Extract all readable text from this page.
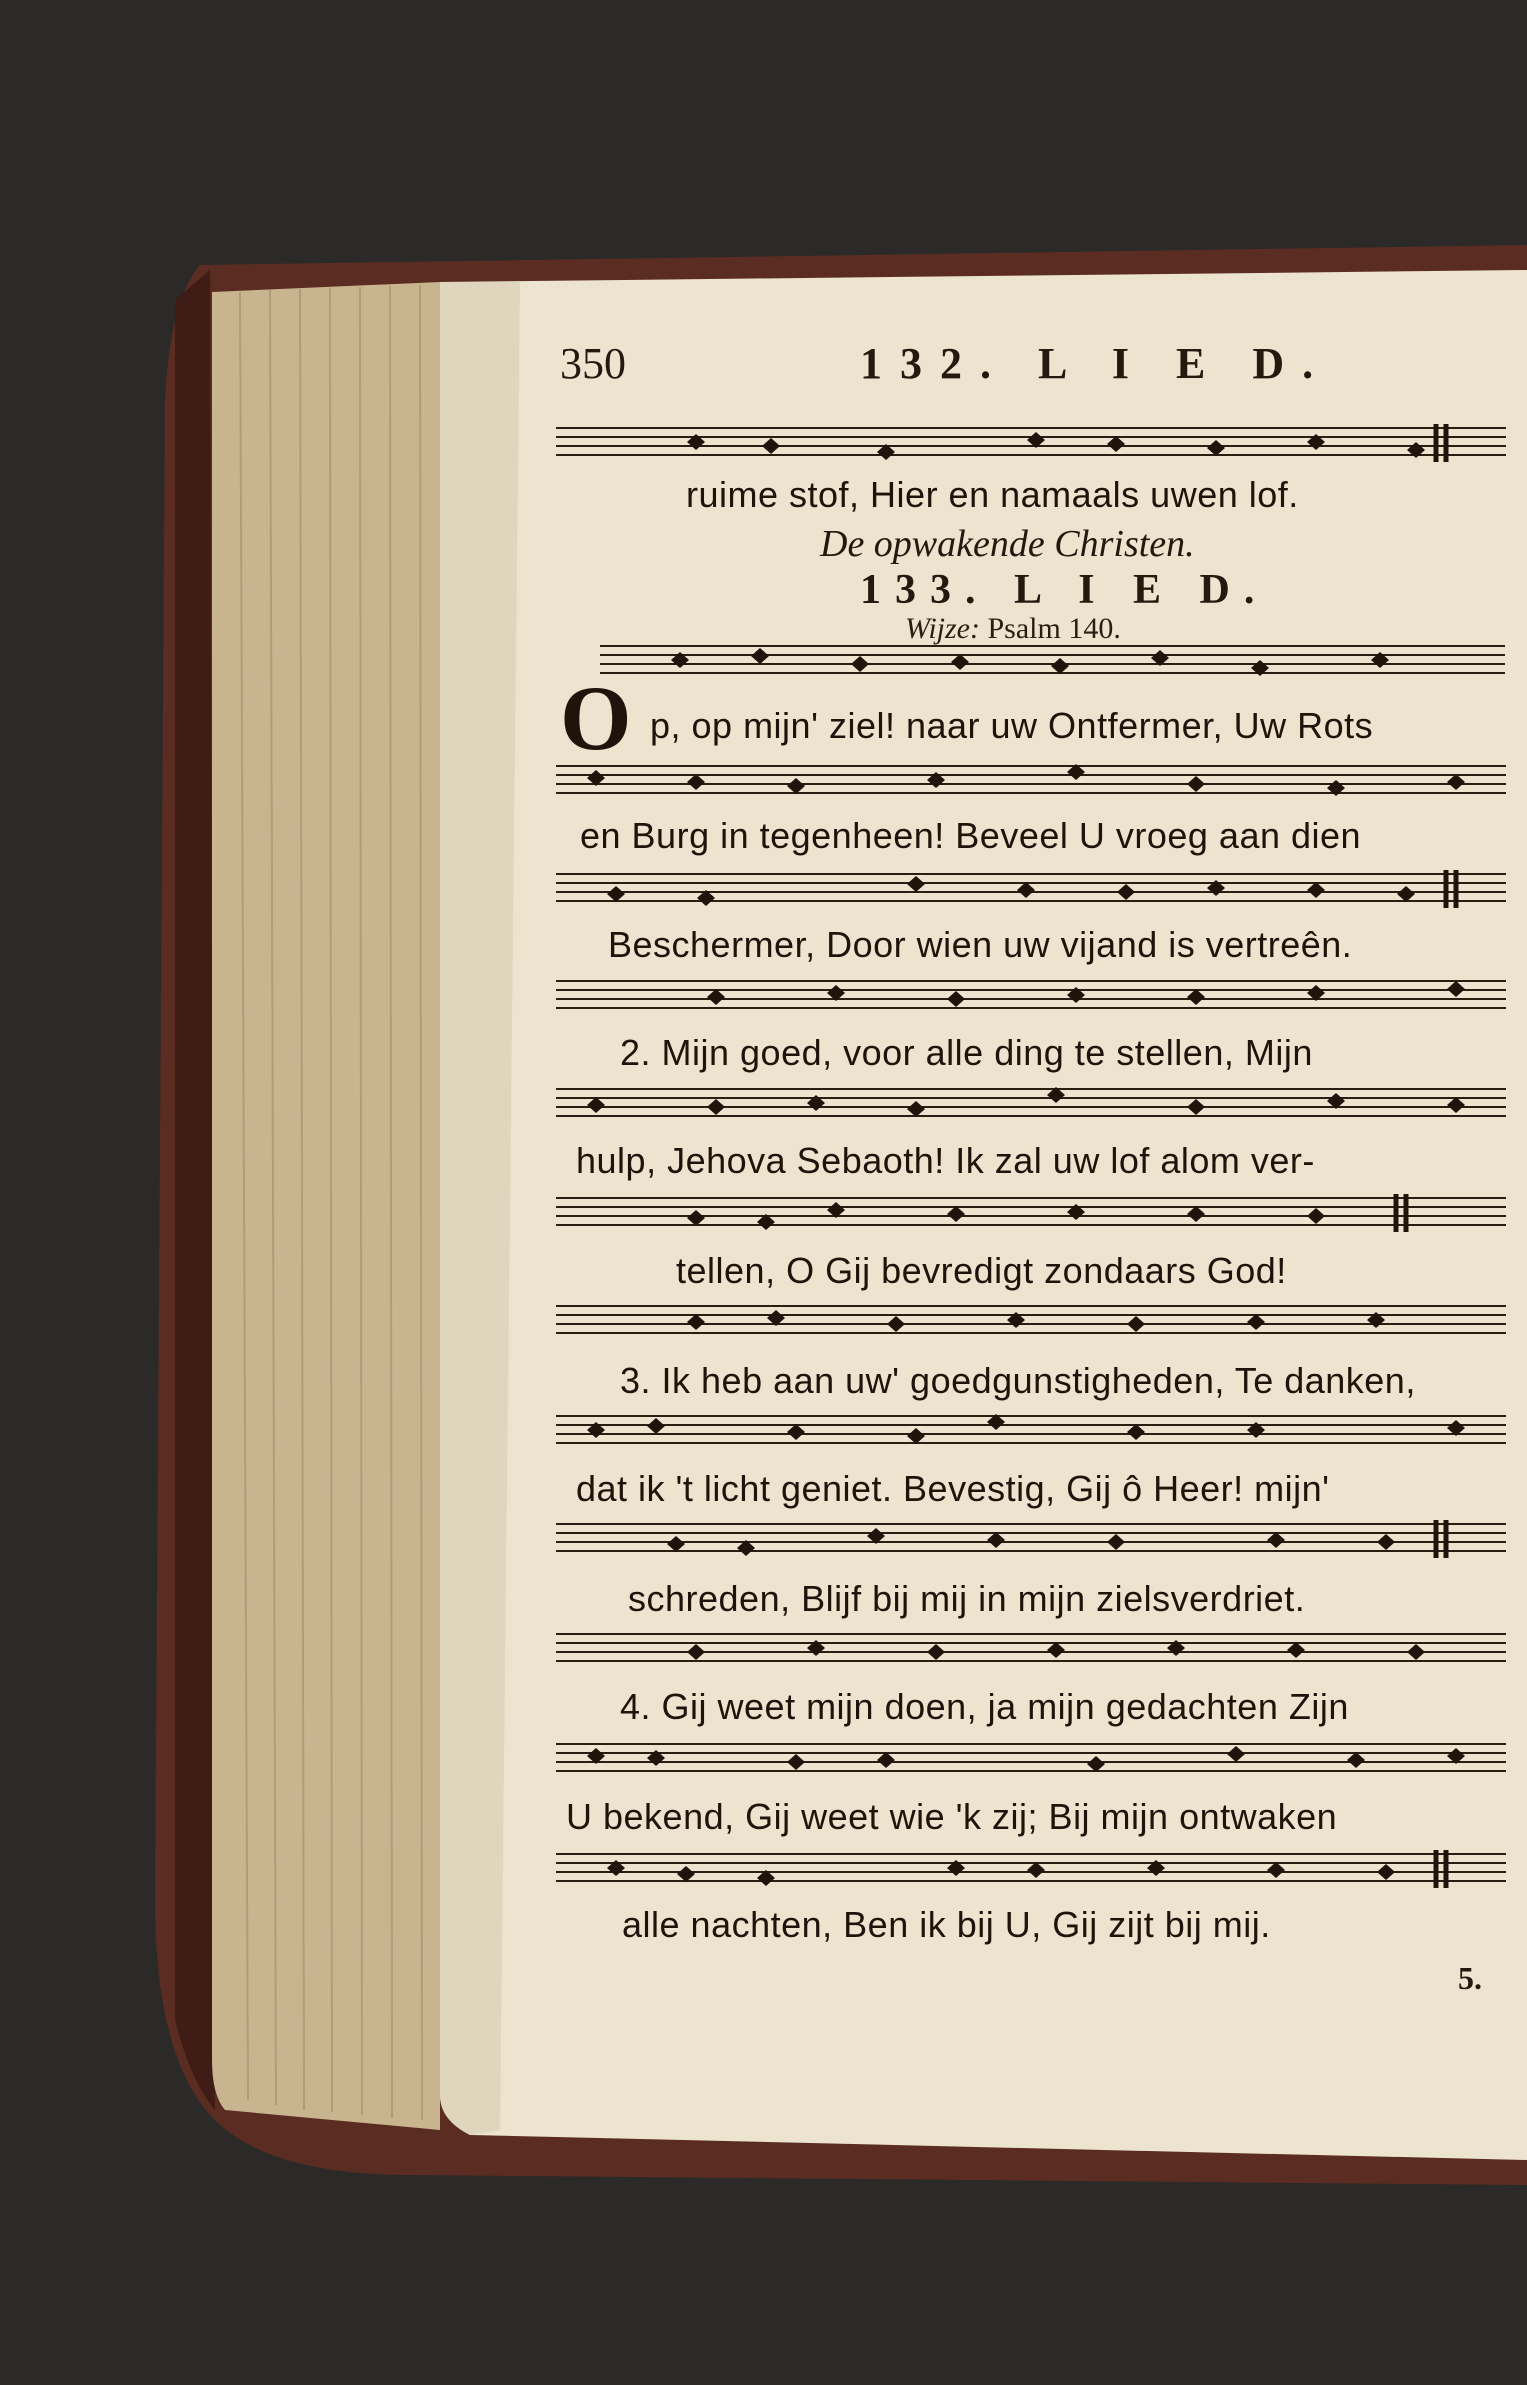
350	132. L I E D.
ruime stof, Hier en namaals uwen lof.
De opwakende Christen.
133. L I E D.
Wijze: Psalm 140.
O p, op mijn' ziel! naar uw Ontfermer, Uw Rots
en Burg in tegenheen! Beveel U vroeg aan dien
Beschermer, Door wien uw vijand is vertreên.
2. Mijn goed, voor alle ding te stellen, Mijn
hulp, Jehova Sebaoth! Ik zal uw lof alom ver-
tellen, O Gij bevredigt zondaars God!
3. Ik heb aan uw' goedgunstigheden, Te danken,
dat ik 't licht geniet. Bevestig, Gij ô Heer! mijn'
schreden, Blijf bij mij in mijn zielsverdriet.
4. Gij weet mijn doen, ja mijn gedachten Zijn
U bekend, Gij weet wie 'k zij; Bij mijn ontwaken
alle nachten, Ben ik bij U, Gij zijt bij mij.
5.
